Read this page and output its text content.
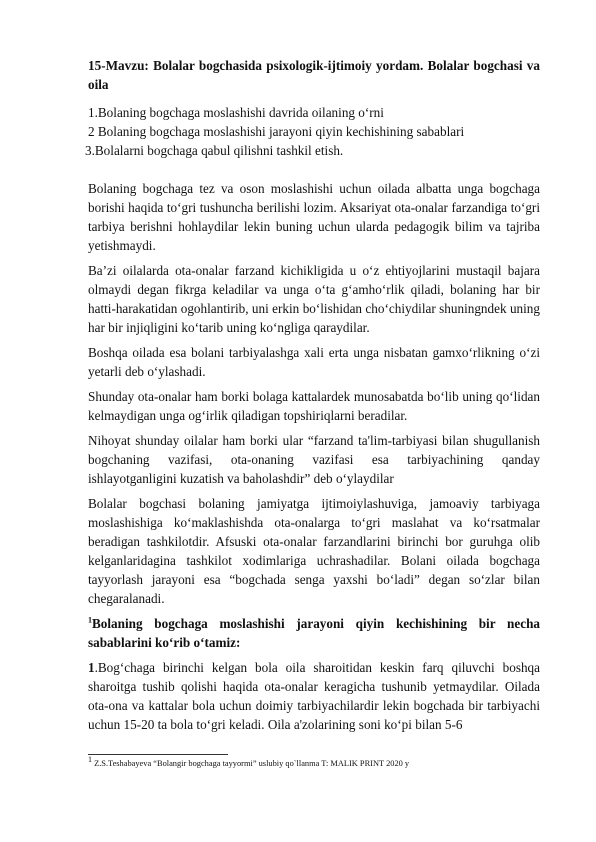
15-Mavzu: Bolalar bogchasida psixologik-ijtimoiy yordam. Bolalar bogchasi va oila
1.Bolaning bogchaga moslashishi davrida oilaning o‘rni
2 Bolaning bogchaga moslashishi jarayoni qiyin kechishining sabablari
3.Bolalarni bogchaga qabul qilishni tashkil etish.

Bolaning bogchaga tez va oson moslashishi uchun oilada albatta unga bogchaga borishi haqida to‘gri tushuncha berilishi lozim. Aksariyat ota-onalar farzandiga to‘gri tarbiya berishni hohlaydilar lekin buning uchun ularda pedagogik bilim va tajriba yetishmaydi.

Ba’zi oilalarda ota-onalar farzand kichikligida u o‘z ehtiyojlarini mustaqil bajara olmaydi degan fikrga keladilar va unga o‘ta g‘amho‘rlik qiladi, bolaning har bir hatti-harakatidan ogohlantirib, uni erkin bo‘lishidan cho‘chiydilar shuningndek uning har bir injiqligini ko‘tarib uning ko‘ngliga qaraydilar.

Boshqa oilada esa bolani tarbiyalashga xali erta unga nisbatan gamxo‘rlikning o‘zi yetarli deb o‘ylashadi.

Shunday ota-onalar ham borki bolaga kattalardek munosabatda bo‘lib uning qo‘lidan kelmaydigan unga og‘irlik qiladigan topshiriqlarni beradilar.

Nihoyat shunday oilalar ham borki ular “farzand ta'lim-tarbiyasi bilan shugullanish bogchaning vazifasi, ota-onaning vazifasi esa tarbiyachining qanday ishlayotganligini kuzatish va baholashdir” deb o‘ylaydilar

Bolalar bogchasi bolaning jamiyatga ijtimoiylashuviga, jamoaviy tarbiyaga moslashishiga ko‘maklashishda ota-onalarga to‘gri maslahat va ko‘rsatmalar beradigan tashkilotdir. Afsuski ota-onalar farzandlarini birinchi bor guruhga olib kelganlaridagina tashkilot xodimlariga uchrashadilar. Bolani oilada bogchaga tayyorlash jarayoni esa “bogchada senga yaxshi bo‘ladi” degan so‘zlar bilan chegaralanadi.

$^1$Bolaning bogchaga moslashishi jarayoni qiyin kechishining bir necha sabablarini ko‘rib o‘tamiz:

1.Bog‘chaga birinchi kelgan bola oila sharoitidan keskin farq qiluvchi boshqa sharoitga tushib qolishi haqida ota-onalar keragicha tushunib yetmaydilar. Oilada ota-ona va kattalar bola uchun doimiy tarbiyachilardir lekin bogchada bir tarbiyachi uchun 15-20 ta bola to‘gri keladi. Oila a'zolarining soni ko‘pi bilan 5-6

$^1$ Z.S.Teshabayeva “Bolangir bogchaga tayyormi” uslubiy qo`llanma T: MALIK PRINT 2020 y
